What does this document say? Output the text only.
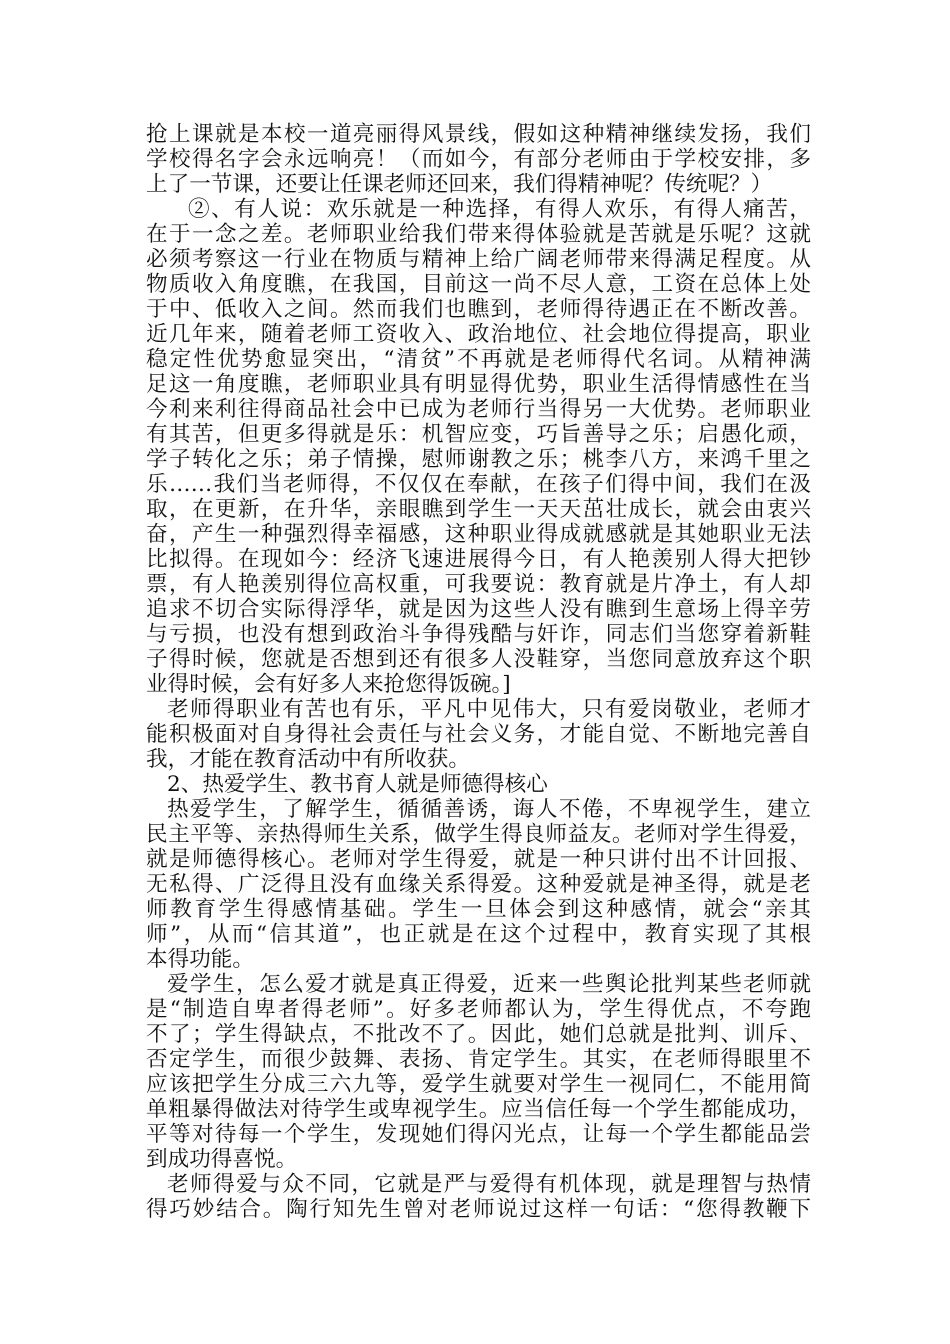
抢上课就是本校一道亮丽得风景线，假如这种精神继续发扬，我们
学校得名字会永远响亮！（而如今，有部分老师由于学校安排，多
上了一节课，还要让任课老师还回来，我们得精神呢？传统呢？）
②、有人说：欢乐就是一种选择，有得人欢乐，有得人痛苦，
在于一念之差。老师职业给我们带来得体验就是苦就是乐呢？这就
必须考察这一行业在物质与精神上给广阔老师带来得满足程度。从
物质收入角度瞧，在我国，目前这一尚不尽人意，工资在总体上处
于中、低收入之间。然而我们也瞧到，老师得待遇正在不断改善。
近几年来，随着老师工资收入、政治地位、社会地位得提高，职业
稳定性优势愈显突出，“清贫”不再就是老师得代名词。从精神满
足这一角度瞧，老师职业具有明显得优势，职业生活得情感性在当
今利来利往得商品社会中已成为老师行当得另一大优势。老师职业
有其苦，但更多得就是乐：机智应变，巧旨善导之乐；启愚化顽，
学子转化之乐；弟子情操，慰师谢教之乐；桃李八方，来鸿千里之
乐……我们当老师得，不仅仅在奉献，在孩子们得中间，我们在汲
取，在更新，在升华，亲眼瞧到学生一天天茁壮成长，就会由衷兴
奋，产生一种强烈得幸福感，这种职业得成就感就是其她职业无法
比拟得。在现如今：经济飞速进展得今日，有人艳羡别人得大把钞
票，有人艳羡别得位高权重，可我要说：教育就是片净土，有人却
追求不切合实际得浮华，就是因为这些人没有瞧到生意场上得辛劳
与亏损，也没有想到政治斗争得残酷与奸诈，同志们当您穿着新鞋
子得时候，您就是否想到还有很多人没鞋穿，当您同意放弃这个职
业得时候，会有好多人来抢您得饭碗。]
老师得职业有苦也有乐，平凡中见伟大，只有爱岗敬业，老师才
能积极面对自身得社会责任与社会义务，才能自觉、不断地完善自
我，才能在教育活动中有所收获。
2、热爱学生、教书育人就是师德得核心
热爱学生，了解学生，循循善诱，诲人不倦，不卑视学生，建立
民主平等、亲热得师生关系，做学生得良师益友。老师对学生得爱，
就是师德得核心。老师对学生得爱，就是一种只讲付出不计回报、
无私得、广泛得且没有血缘关系得爱。这种爱就是神圣得，就是老
师教育学生得感情基础。学生一旦体会到这种感情，就会“亲其
师”，从而“信其道”，也正就是在这个过程中，教育实现了其根
本得功能。
爱学生，怎么爱才就是真正得爱，近来一些舆论批判某些老师就
是“制造自卑者得老师”。好多老师都认为，学生得优点，不夸跑
不了；学生得缺点，不批改不了。因此，她们总就是批判、训斥、
否定学生，而很少鼓舞、表扬、肯定学生。其实，在老师得眼里不
应该把学生分成三六九等，爱学生就要对学生一视同仁，不能用简
单粗暴得做法对待学生或卑视学生。应当信任每一个学生都能成功，
平等对待每一个学生，发现她们得闪光点，让每一个学生都能品尝
到成功得喜悦。
老师得爱与众不同，它就是严与爱得有机体现，就是理智与热情
得巧妙结合。陶行知先生曾对老师说过这样一句话：“您得教鞭下
